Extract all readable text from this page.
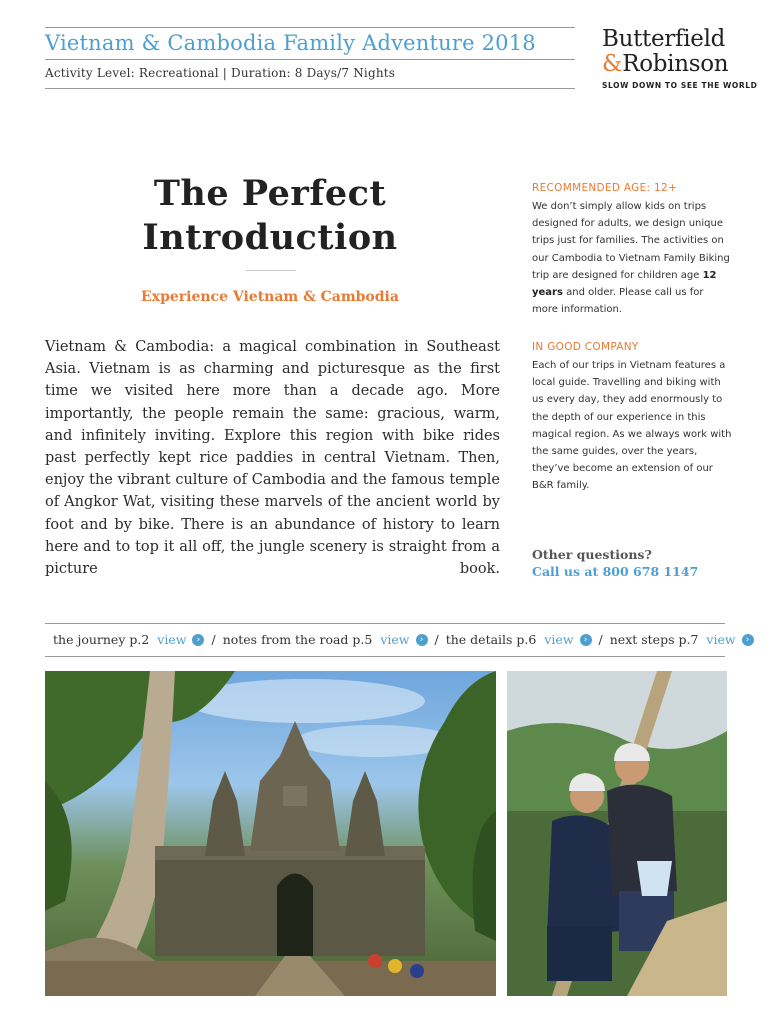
Vietnam & Cambodia Family Adventure 2018
Activity Level: Recreational | Duration: 8 Days/7 Nights
Butterfield
&Robinson
SLOW DOWN TO SEE THE WORLD
The Perfect Introduction
Experience Vietnam & Cambodia
Vietnam & Cambodia: a magical combination in Southeast Asia. Vietnam is as charming and picturesque as the first time we visited here more than a decade ago. More importantly, the people remain the same: gracious, warm, and infinitely inviting. Explore this region with bike rides past perfectly kept rice paddies in central Vietnam. Then, enjoy the vibrant culture of Cambodia and the famous temple of Angkor Wat, visiting these marvels of the ancient world by foot and by bike. There is an abundance of history to learn here and to top it all off, the jungle scenery is straight from a picture book.

RECOMMENDED AGE: 12+

We don’t simply allow kids on trips designed for adults, we design unique trips just for families. The activities on our Cambodia to Vietnam Family Biking trip are designed for children age 12 years and older. Please call us for more information.

IN GOOD COMPANY

Each of our trips in Vietnam features a local guide. Travelling and biking with us every day, they add enormously to the depth of our experience in this magical region. As we always work with the same guides, over the years, they’ve become an extension of our B&R family.

Other questions?
Call us at 800 678 1147
the journey p.2 view	› / notes from the road p.5 view	› / the details p.6 view	› / next steps p.7 view	›
